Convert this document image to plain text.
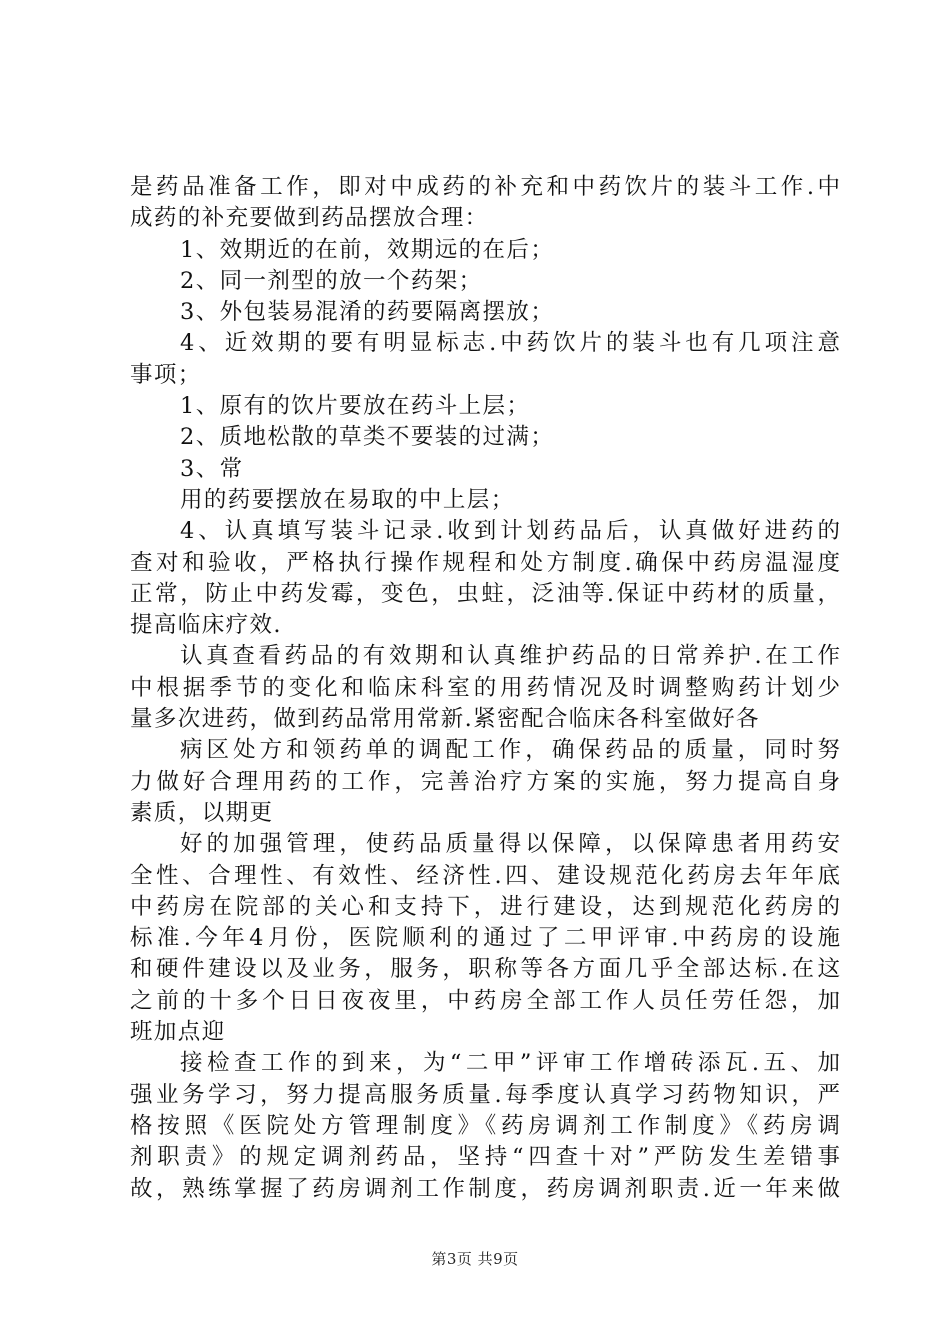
是药品准备工作，即对中成药的补充和中药饮片的装斗工作.中
成药的补充要做到药品摆放合理：
1、效期近的在前，效期远的在后；
2、同一剂型的放一个药架；
3、外包装易混淆的药要隔离摆放；
4、近效期的要有明显标志.中药饮片的装斗也有几项注意
事项；
1、原有的饮片要放在药斗上层；
2、质地松散的草类不要装的过满；
3、常
用的药要摆放在易取的中上层；
4、认真填写装斗记录.收到计划药品后，认真做好进药的
查对和验收，严格执行操作规程和处方制度.确保中药房温湿度
正常，防止中药发霉，变色，虫蛀，泛油等.保证中药材的质量，
提高临床疗效.
认真查看药品的有效期和认真维护药品的日常养护.在工作
中根据季节的变化和临床科室的用药情况及时调整购药计划少
量多次进药，做到药品常用常新.紧密配合临床各科室做好各
病区处方和领药单的调配工作，确保药品的质量，同时努
力做好合理用药的工作，完善治疗方案的实施，努力提高自身
素质，以期更
好的加强管理，使药品质量得以保障，以保障患者用药安
全性、合理性、有效性、经济性.四、建设规范化药房去年年底
中药房在院部的关心和支持下，进行建设，达到规范化药房的
标准.今年4月份，医院顺利的通过了二甲评审.中药房的设施
和硬件建设以及业务，服务，职称等各方面几乎全部达标.在这
之前的十多个日日夜夜里，中药房全部工作人员任劳任怨，加
班加点迎
接检查工作的到来，为“二甲”评审工作增砖添瓦.五、加
强业务学习，努力提高服务质量.每季度认真学习药物知识，严
格按照《医院处方管理制度》《药房调剂工作制度》《药房调
剂职责》的规定调剂药品，坚持“四查十对”严防发生差错事
故，熟练掌握了药房调剂工作制度，药房调剂职责.近一年来做
第3页 共9页
